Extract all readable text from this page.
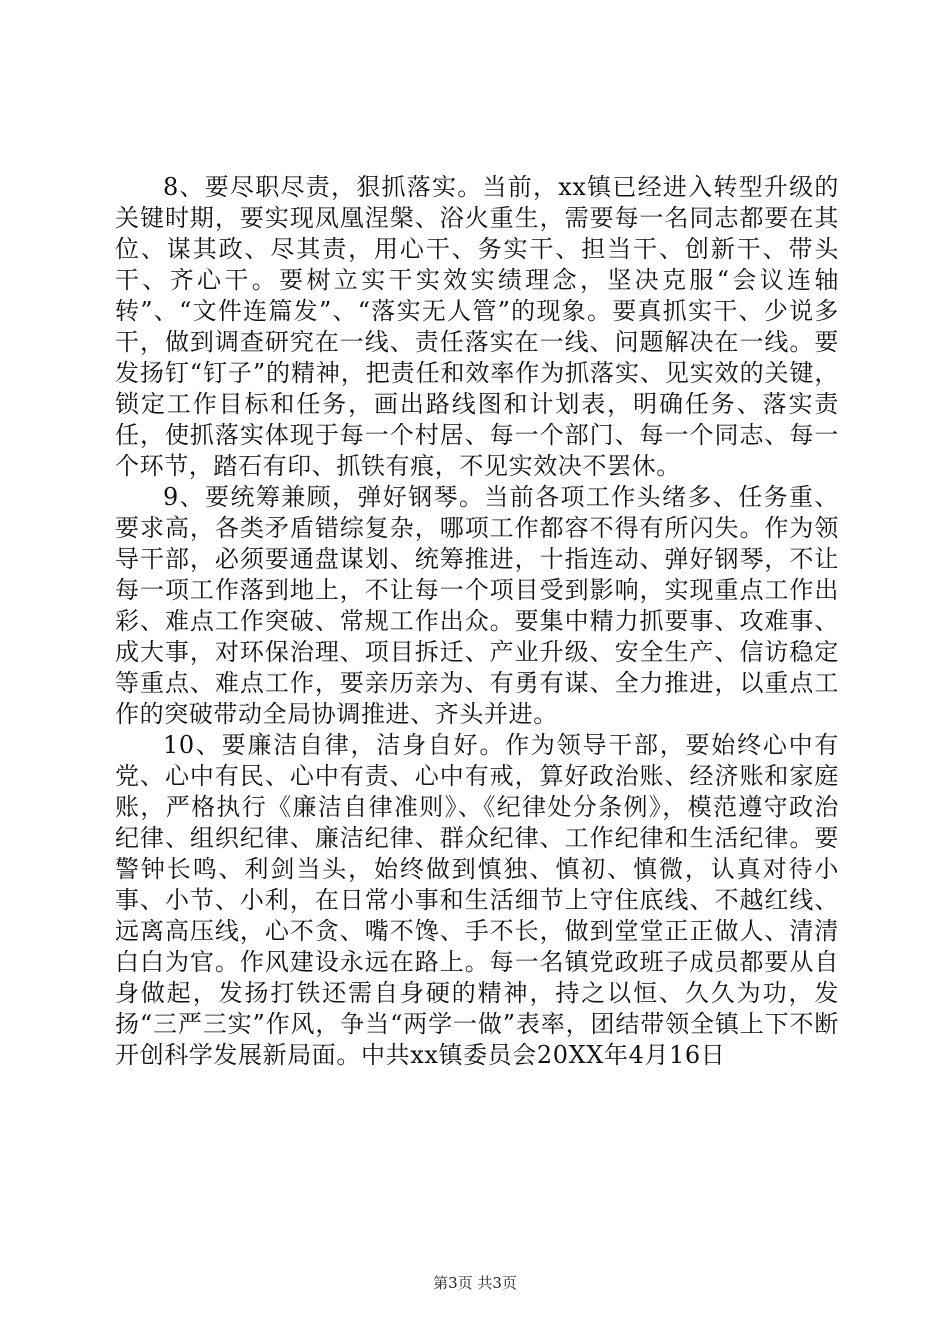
8、要尽职尽责，狠抓落实。当前，xx镇已经进入转型升级的关键时期，要实现凤凰涅槃、浴火重生，需要每一名同志都要在其位、谋其政、尽其责，用心干、务实干、担当干、创新干、带头干、齐心干。要树立实干实效实绩理念，坚决克服“会议连轴转”、“文件连篇发”、“落实无人管”的现象。要真抓实干、少说多干，做到调查研究在一线、责任落实在一线、问题解决在一线。要发扬钉“钉子”的精神，把责任和效率作为抓落实、见实效的关键，锁定工作目标和任务，画出路线图和计划表，明确任务、落实责任，使抓落实体现于每一个村居、每一个部门、每一个同志、每一个环节，踏石有印、抓铁有痕，不见实效决不罢休。

9、要统筹兼顾，弹好钢琴。当前各项工作头绪多、任务重、要求高，各类矛盾错综复杂，哪项工作都容不得有所闪失。作为领导干部，必须要通盘谋划、统筹推进，十指连动、弹好钢琴，不让每一项工作落到地上，不让每一个项目受到影响，实现重点工作出彩、难点工作突破、常规工作出众。要集中精力抓要事、攻难事、成大事，对环保治理、项目拆迁、产业升级、安全生产、信访稳定等重点、难点工作，要亲历亲为、有勇有谋、全力推进，以重点工作的突破带动全局协调推进、齐头并进。

10、要廉洁自律，洁身自好。作为领导干部，要始终心中有党、心中有民、心中有责、心中有戒，算好政治账、经济账和家庭账，严格执行《廉洁自律准则》、《纪律处分条例》，模范遵守政治纪律、组织纪律、廉洁纪律、群众纪律、工作纪律和生活纪律。要警钟长鸣、利剑当头，始终做到慎独、慎初、慎微，认真对待小事、小节、小利，在日常小事和生活细节上守住底线、不越红线、远离高压线，心不贪、嘴不馋、手不长，做到堂堂正正做人、清清白白为官。作风建设永远在路上。每一名镇党政班子成员都要从自身做起，发扬打铁还需自身硬的精神，持之以恒、久久为功，发扬“三严三实”作风，争当“两学一做”表率，团结带领全镇上下不断开创科学发展新局面。中共xx镇委员会20XX年4月16日

第3页 共3页
